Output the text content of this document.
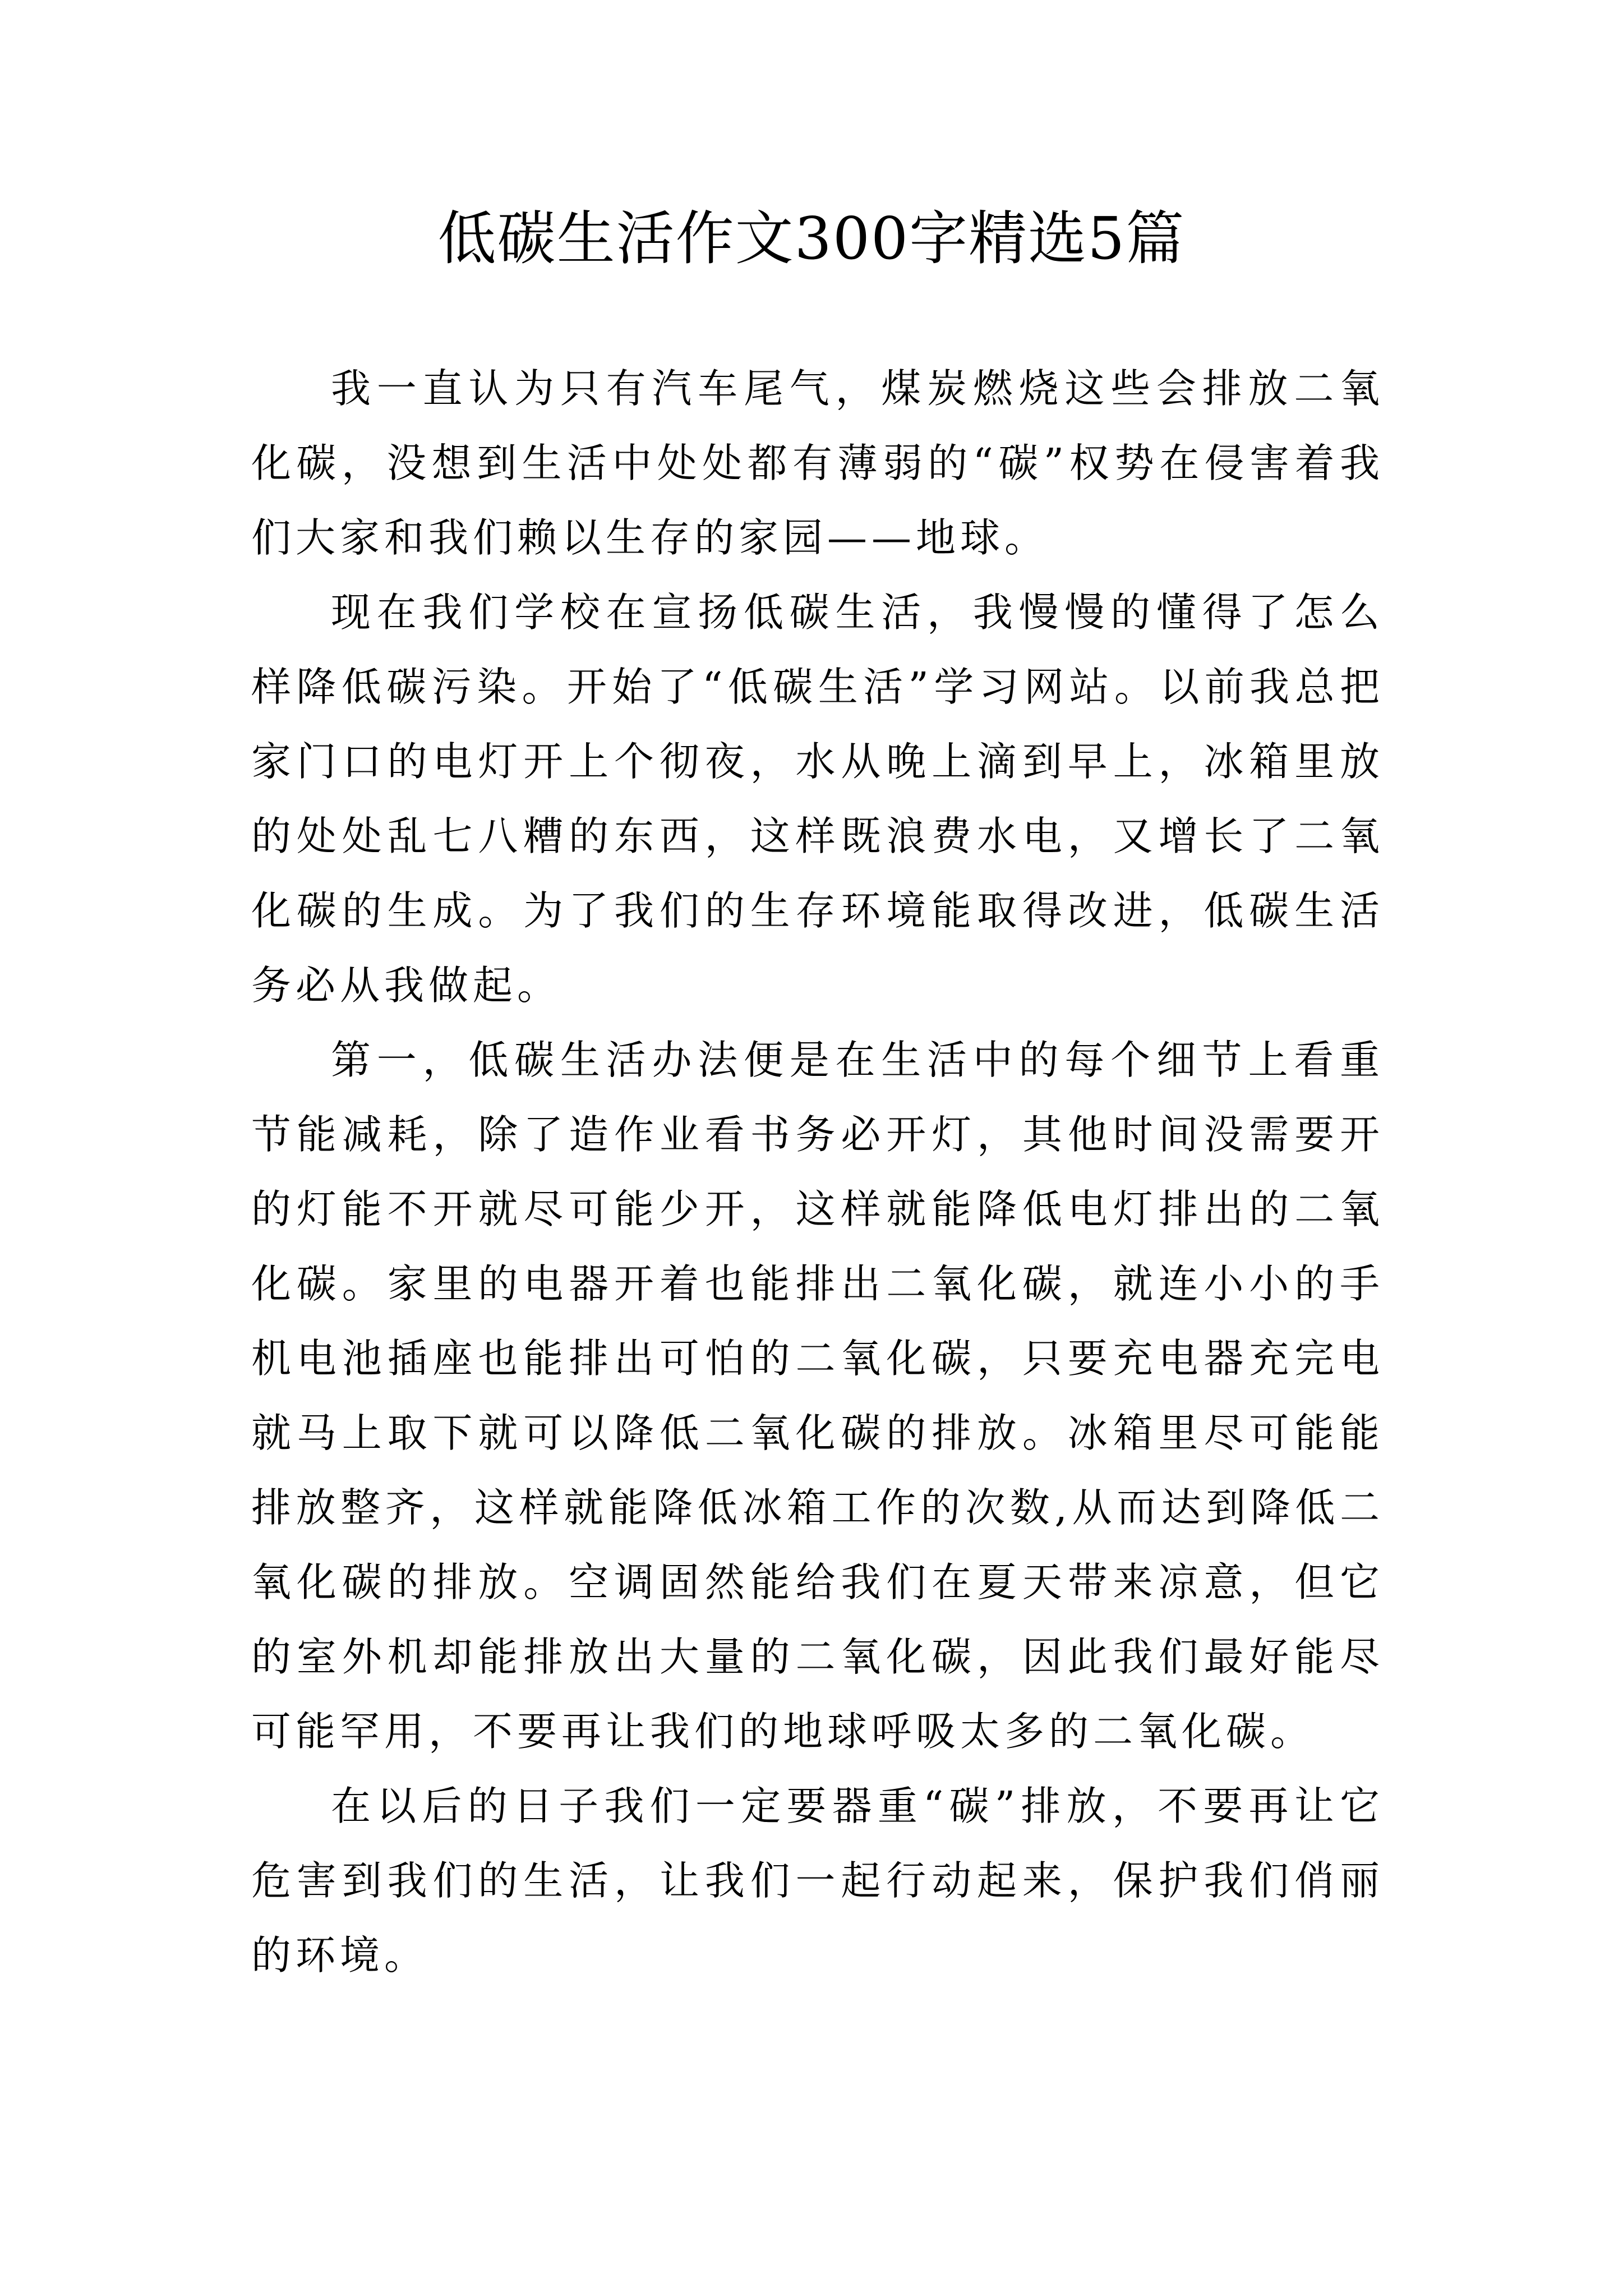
低碳生活作文300字精选5篇

我一直认为只有汽车尾气，煤炭燃烧这些会排放二氧化碳，没想到生活中处处都有薄弱的“碳”权势在侵害着我们大家和我们赖以生存的家园——地球。

现在我们学校在宣扬低碳生活，我慢慢的懂得了怎么样降低碳污染。开始了“低碳生活”学习网站。以前我总把家门口的电灯开上个彻夜，水从晚上滴到早上，冰箱里放的处处乱七八糟的东西，这样既浪费水电，又增长了二氧化碳的生成。为了我们的生存环境能取得改进，低碳生活务必从我做起。

第一，低碳生活办法便是在生活中的每个细节上看重节能减耗，除了造作业看书务必开灯，其他时间没需要开的灯能不开就尽可能少开，这样就能降低电灯排出的二氧化碳。家里的电器开着也能排出二氧化碳，就连小小的手机电池插座也能排出可怕的二氧化碳，只要充电器充完电就马上取下就可以降低二氧化碳的排放。冰箱里尽可能能排放整齐，这样就能降低冰箱工作的次数,从而达到降低二氧化碳的排放。空调固然能给我们在夏天带来凉意，但它的室外机却能排放出大量的二氧化碳，因此我们最好能尽可能罕用，不要再让我们的地球呼吸太多的二氧化碳。

在以后的日子我们一定要器重“碳”排放，不要再让它危害到我们的生活，让我们一起行动起来，保护我们俏丽的环境。
